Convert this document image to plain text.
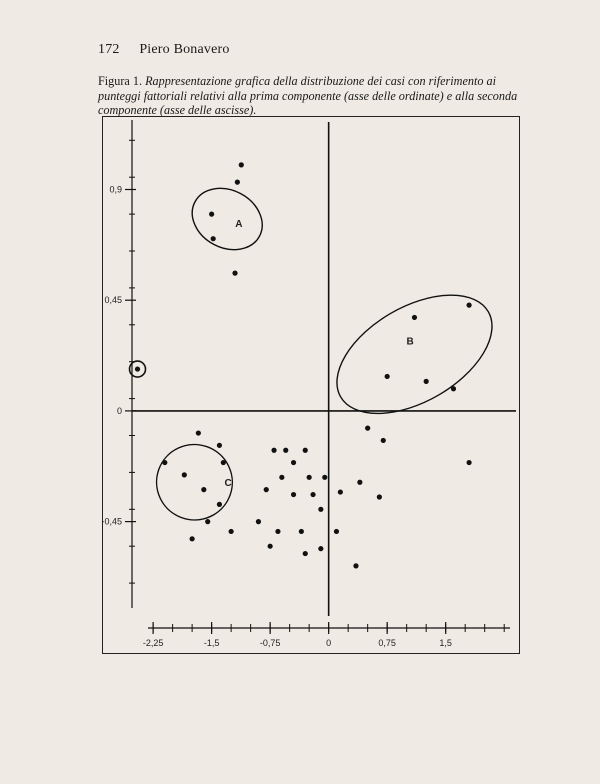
172 Piero Bonavero
Figura 1. Rappresentazione grafica della distribuzione dei casi con riferimento ai punteggi fattoriali relativi alla prima componente (asse delle ordinate) e alla seconda componente (asse delle ascisse).
0,9
0,45
0
-0,45
-2,25	-1,5	-0,75	0	0,75	1,5
A
B
C
